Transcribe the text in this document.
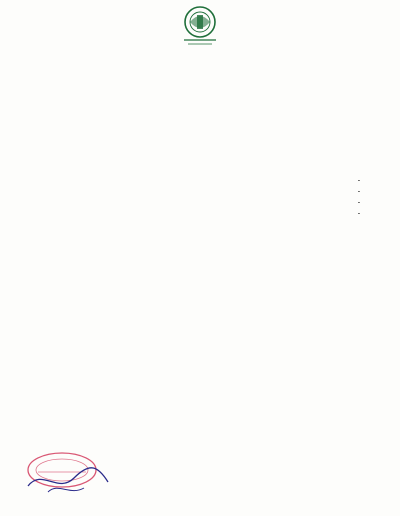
-
-
-
-
